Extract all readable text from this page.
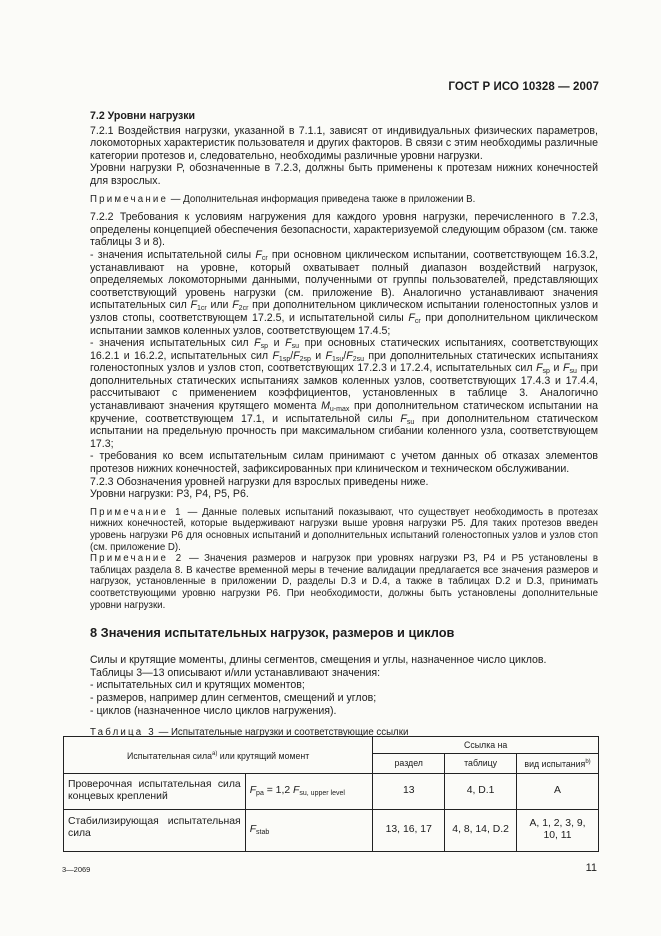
ГОСТ Р ИСО 10328 — 2007

7.2 Уровни нагрузки

7.2.1 Воздействия нагрузки, указанной в 7.1.1, зависят от индивидуальных физических параметров, локомоторных характеристик пользователя и других факторов. В связи с этим необходимы различные категории протезов и, следовательно, необходимы различные уровни нагрузки.

Уровни нагрузки P, обозначенные в 7.2.3, должны быть применены к протезам нижних конечностей для взрослых.

Примечание — Дополнительная информация приведена также в приложении В.

7.2.2 Требования к условиям нагружения для каждого уровня нагрузки, перечисленного в 7.2.3, определены концепцией обеспечения безопасности, характеризуемой следующим образом (см. также таблицы 3 и 8).

- значения испытательной силы $F_{cr}$ при основном циклическом испытании, соответствующем 16.3.2, устанавливают на уровне, который охватывает полный диапазон воздействий нагрузок, определяемых локомоторными данными, полученными от группы пользователей, представляющих соответствующий уровень нагрузки (см. приложение В). Аналогично устанавливают значения испытательных сил $F_{1cr}$ или $F_{2cr}$ при дополнительном циклическом испытании голеностопных узлов и узлов стопы, соответствующем 17.2.5, и испытательной силы $F_{cr}$ при дополнительном циклическом испытании замков коленных узлов, соответствующем 17.4.5;

- значения испытательных сил $F_{sp}$ и $F_{su}$ при основных статических испытаниях, соответствующих 16.2.1 и 16.2.2, испытательных сил $F_{1sp}/F_{2sp}$ и $F_{1su}/F_{2su}$ при дополнительных статических испытаниях голеностопных узлов и узлов стоп, соответствующих 17.2.3 и 17.2.4, испытательных сил $F_{sp}$ и $F_{su}$ при дополнительных статических испытаниях замков коленных узлов, соответствующих 17.4.3 и 17.4.4, рассчитывают с применением коэффициентов, установленных в таблице 3. Аналогично устанавливают значения крутящего момента $M_{u-max}$ при дополнительном статическом испытании на кручение, соответствующем 17.1, и испытательной силы $F_{su}$ при дополнительном статическом испытании на предельную прочность при максимальном сгибании коленного узла, соответствующем 17.3;

- требования ко всем испытательным силам принимают с учетом данных об отказах элементов протезов нижних конечностей, зафиксированных при клиническом и техническом обслуживании.

7.2.3 Обозначения уровней нагрузки для взрослых приведены ниже.

Уровни нагрузки: P3, P4, P5, P6.

Примечание 1 — Данные полевых испытаний показывают, что существует необходимость в протезах нижних конечностей, которые выдерживают нагрузки выше уровня нагрузки P5. Для таких протезов введен уровень нагрузки P6 для основных испытаний и дополнительных испытаний голеностопных узлов и узлов стоп (см. приложение D).

Примечание 2 — Значения размеров и нагрузок при уровнях нагрузки P3, P4 и P5 установлены в таблицах раздела 8. В качестве временной меры в течение валидации предлагается все значения размеров и нагрузок, установленные в приложении D, разделы D.3 и D.4, а также в таблицах D.2 и D.3, принимать соответствующими уровню нагрузки P6. При необходимости, должны быть установлены дополнительные уровни нагрузки.

8 Значения испытательных нагрузок, размеров и циклов

Силы и крутящие моменты, длины сегментов, смещения и углы, назначенное число циклов.

Таблицы 3—13 описывают и/или устанавливают значения:

- испытательных сил и крутящих моментов;

- размеров, например длин сегментов, смещений и углов;

- циклов (назначенное число циклов нагружения).

Таблица 3 — Испытательные нагрузки и соответствующие ссылки

Испытательная сила$^{а)}$ или крутящий момент		Ссылка на		
		раздел	таблицу	вид испытания$^{b)}$
Проверочная испытательная сила концевых креплений	$F_{pa} = 1,2$ $F_{su, upper level}$	13	4, D.1	A
Стабилизирующая испытательная сила	$F_{stab}$	13, 16, 17	4, 8, 14, D.2	A, 1, 2, 3, 9, 10, 11
3—2069	11
